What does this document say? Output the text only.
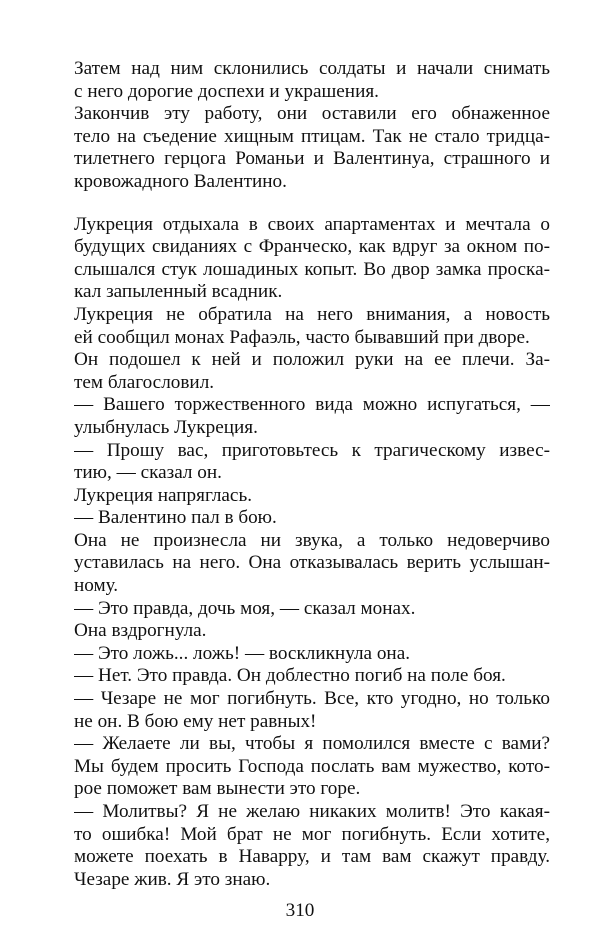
Затем над ним склонились солдаты и начали снимать
с него дорогие доспехи и украшения.
Закончив эту работу, они оставили его обнаженное
тело на съедение хищным птицам. Так не стало тридца-
тилетнего герцога Романьи и Валентинуа, страшного и
кровожадного Валентино.
Лукреция отдыхала в своих апартаментах и мечтала о
будущих свиданиях с Франческо, как вдруг за окном по-
слышался стук лошадиных копыт. Во двор замка проска-
кал запыленный всадник.
Лукреция не обратила на него внимания, а новость
ей сообщил монах Рафаэль, часто бывавший при дворе.
Он подошел к ней и положил руки на ее плечи. За-
тем благословил.
— Вашего торжественного вида можно испугаться, —
улыбнулась Лукреция.
— Прошу вас, приготовьтесь к трагическому извес-
тию, — сказал он.
Лукреция напряглась.
— Валентино пал в бою.
Она не произнесла ни звука, а только недоверчиво
уставилась на него. Она отказывалась верить услышан-
ному.
— Это правда, дочь моя, — сказал монах.
Она вздрогнула.
— Это ложь... ложь! — воскликнула она.
— Нет. Это правда. Он доблестно погиб на поле боя.
— Чезаре не мог погибнуть. Все, кто угодно, но только
не он. В бою ему нет равных!
— Желаете ли вы, чтобы я помолился вместе с вами?
Мы будем просить Господа послать вам мужество, кото-
рое поможет вам вынести это горе.
— Молитвы? Я не желаю никаких молитв! Это какая-
то ошибка! Мой брат не мог погибнуть. Если хотите,
можете поехать в Наварру, и там вам скажут правду.
Чезаре жив. Я это знаю.
310
